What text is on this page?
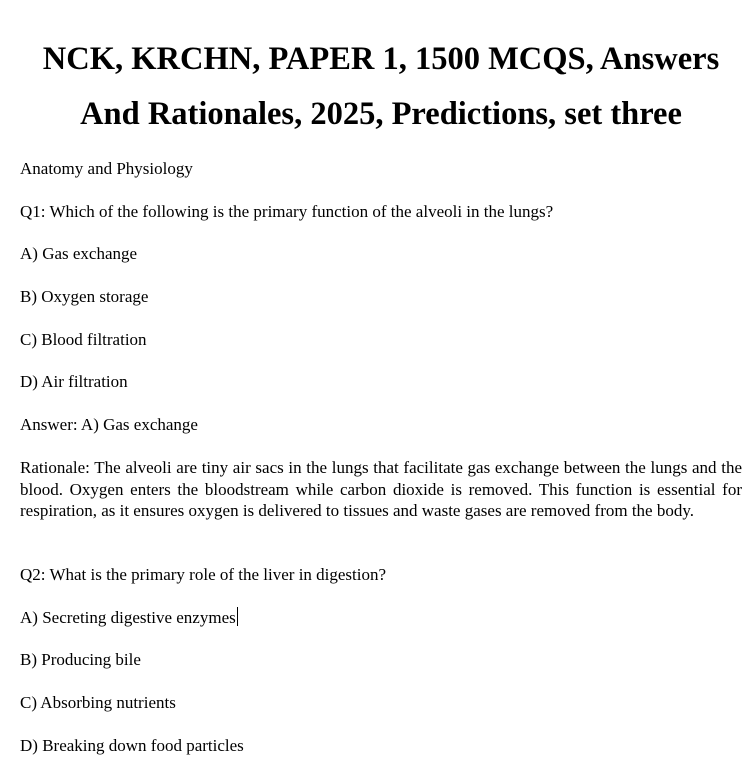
NCK, KRCHN, PAPER 1, 1500 MCQS, Answers
And Rationales, 2025, Predictions, set three
Anatomy and Physiology
Q1: Which of the following is the primary function of the alveoli in the lungs?
A) Gas exchange
B) Oxygen storage
C) Blood filtration
D) Air filtration
Answer: A) Gas exchange
Rationale: The alveoli are tiny air sacs in the lungs that facilitate gas exchange between the lungs and the blood. Oxygen enters the bloodstream while carbon dioxide is removed. This function is essential for respiration, as it ensures oxygen is delivered to tissues and waste gases are removed from the body.
Q2: What is the primary role of the liver in digestion?
A) Secreting digestive enzymes
B) Producing bile
C) Absorbing nutrients
D) Breaking down food particles
